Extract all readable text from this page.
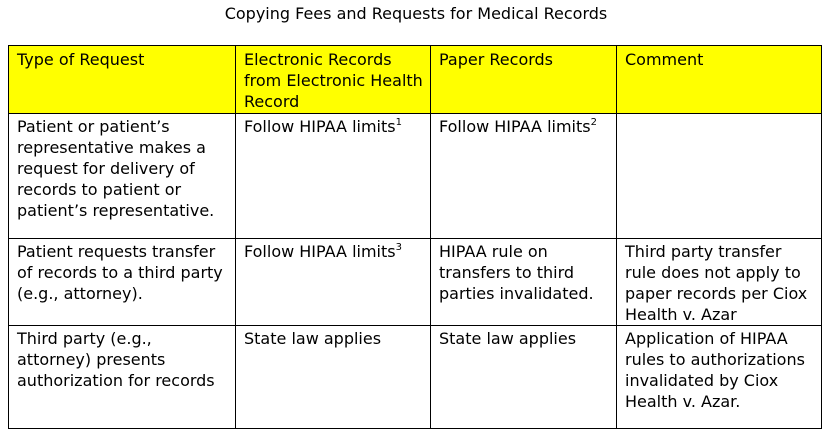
Copying Fees and Requests for Medical Records
Type of Request	Electronic Records from Electronic Health Record	Paper Records	Comment
Patient or patient’s representative makes a request for delivery of records to patient or patient’s representative.	Follow HIPAA limits$^1$	Follow HIPAA limits$^2$	
Patient requests transfer of records to a third party (e.g., attorney).	Follow HIPAA limits$^3$	HIPAA rule on transfers to third parties invalidated.	Third party transfer rule does not apply to paper records per Ciox Health v. Azar
Third party (e.g., attorney) presents authorization for records	State law applies	State law applies	Application of HIPAA rules to authorizations invalidated by Ciox Health v. Azar.
